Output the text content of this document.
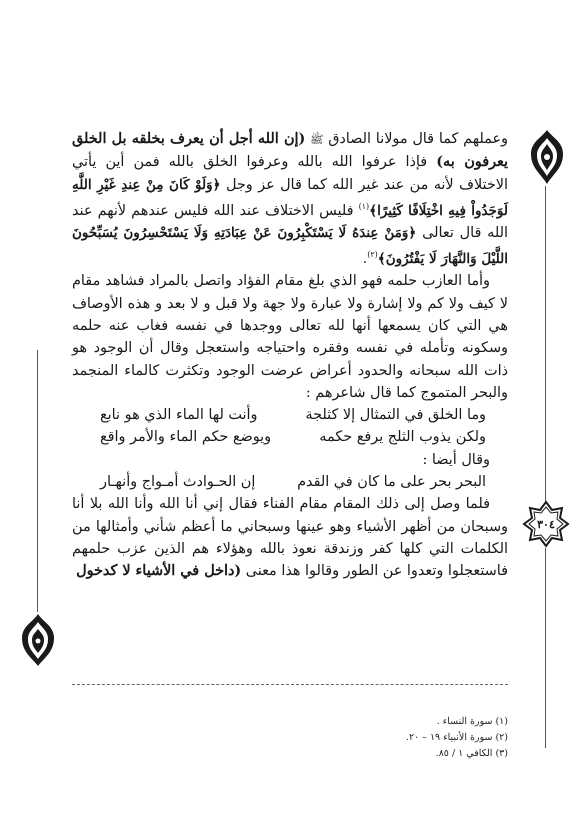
٣٠٤

وعملهم كما قال مولانا الصادق ﷺ (إن الله أجل أن يعرف بخلقه بل الخلق يعرفون به) فإذا عرفوا الله بالله وعرفوا الخلق بالله فمن أين يأتي الاختلاف لأنه من عند غير الله كما قال عز وجل ﴿وَلَوْ كَانَ مِنْ عِندِ غَيْرِ اللَّهِ لَوَجَدُواْ فِيهِ اخْتِلَافًا كَثِيرًا﴾$^{(١)}$ فليس الاختلاف عند الله فليس عندهم لأنهم عند الله قال تعالى ﴿وَمَنْ عِندَهُ لَا يَسْتَكْبِرُونَ عَنْ عِبَادَتِهِ وَلَا يَسْتَحْسِرُونَ يُسَبِّحُونَ اللَّيْلَ وَالنَّهَارَ لَا يَفْتُرُونَ﴾$^{(٢)}$.

وأما العازب حلمه فهو الذي بلغ مقام الفؤاد واتصل بالمراد فشاهد مقام لا كيف ولا كم ولا إشارة ولا عبارة ولا جهة ولا قبل و لا بعد و هذه الأوصاف هي التي كان يسمعها أنها لله تعالى ووجدها في نفسه فغاب عنه حلمه وسكونه وتأمله في نفسه وفقره واحتياجه واستعجل وقال أن الوجود هو ذات الله سبحانه والحدود أعراض عرضت الوجود وتكثرت كالماء المنجمد والبحر المتموج كما قال شاعرهم :

وما الخلق في التمثال إلا كثلجة
وأنت لها الماء الذي هو نابع
ولكن يذوب الثلج يرفع حكمه
ويوضع حكم الماء والأمر واقع

وقال أيضا :

البحر بحر على ما كان في القدم
إن الحـوادث أمـواج وأنهـار

فلما وصل إلى ذلك المقام مقام الفناء فقال إني أنا الله وأنا الله بلا أنا وسبحان من أظهر الأشياء وهو عينها وسبحاني ما أعظم شأني وأمثالها من الكلمات التي كلها كفر وزندقة نعوذ بالله وهؤلاء هم الذين عزب حلمهم فاستعجلوا وتعدوا عن الطور وقالوا هذا معنى (داخل في الأشياء لا كدخول

(١) سورة النساء .
(٢) سورة الأنبياء ١٩ – ٢٠.
(٣) الكافي ١ / ٨٥.
